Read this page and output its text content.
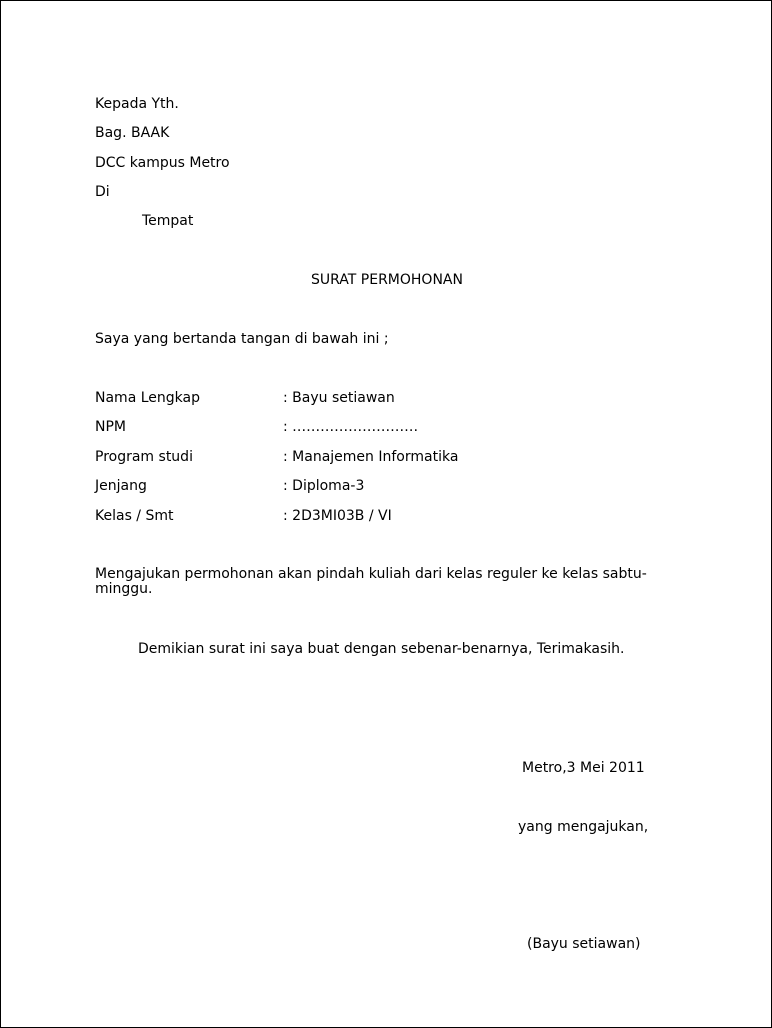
Kepada Yth.
Bag. BAAK
DCC kampus Metro
Di
Tempat
SURAT PERMOHONAN
Saya yang bertanda tangan di bawah ini ;
Nama Lengkap	: Bayu setiawan
NPM	: ………………………
Program studi	: Manajemen Informatika
Jenjang	: Diploma-3
Kelas / Smt	: 2D3MI03B / VI
Mengajukan permohonan akan pindah kuliah dari kelas reguler ke kelas sabtu-minggu.
Demikian surat ini saya buat dengan sebenar-benarnya, Terimakasih.
Metro,3 Mei 2011
yang mengajukan,
(Bayu setiawan)
